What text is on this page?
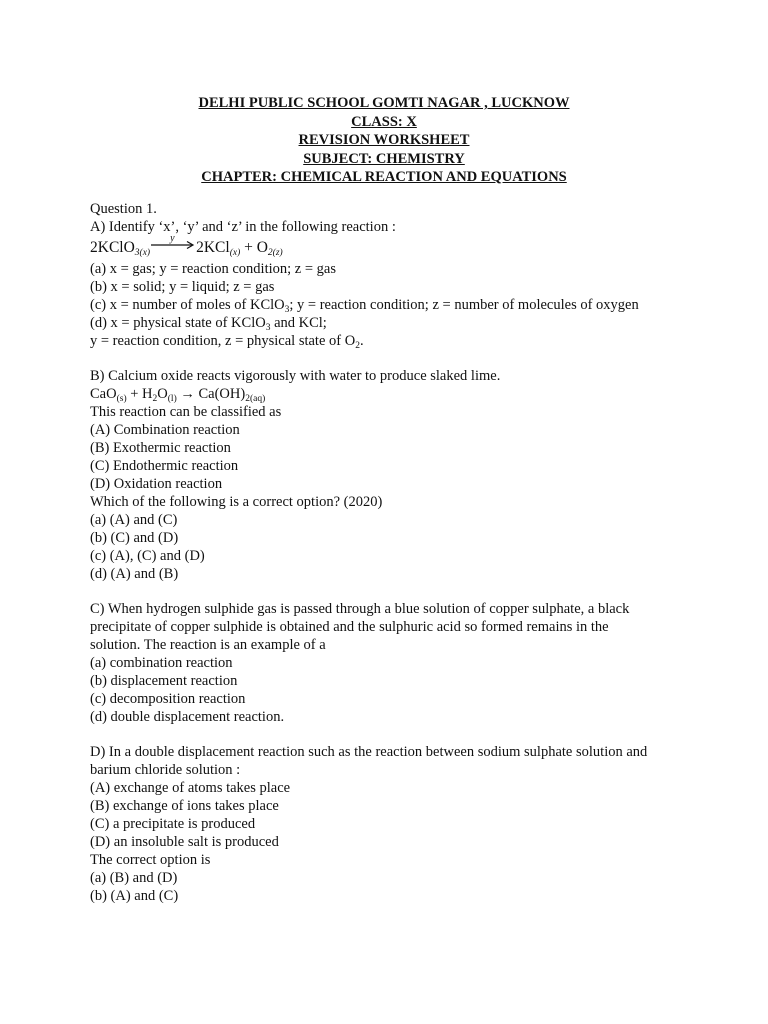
DELHI PUBLIC SCHOOL GOMTI NAGAR , LUCKNOW
CLASS: X
REVISION WORKSHEET
SUBJECT: CHEMISTRY
CHAPTER: CHEMICAL REACTION AND EQUATIONS
Question 1.
A) Identify ‘x’, ‘y’ and ‘z’ in the following reaction :
2KClO$_{3(x)}$
y
$2KCl_{(x)} + O_{2(z)}$
(a) x = gas; y = reaction condition; z = gas
(b) x = solid; y = liquid; z = gas
(c) x = number of moles of KClO$_3$; y = reaction condition; z = number of molecules of oxygen
(d) x = physical state of KClO$_3$ and KCl;
y = reaction condition, z = physical state of $O_2$.
B) Calcium oxide reacts vigorously with water to produce slaked lime.
$CaO_{(s)} + H_2O_{(l)} \to Ca(OH)_{2(aq)}$
This reaction can be classified as
(A) Combination reaction
(B) Exothermic reaction
(C) Endothermic reaction
(D) Oxidation reaction
Which of the following is a correct option? (2020)
(a) (A) and (C)
(b) (C) and (D)
(c) (A), (C) and (D)
(d) (A) and (B)
C) When hydrogen sulphide gas is passed through a blue solution of copper sulphate, a black
precipitate of copper sulphide is obtained and the sulphuric acid so formed remains in the
solution. The reaction is an example of a
(a) combination reaction
(b) displacement reaction
(c) decomposition reaction
(d) double displacement reaction.
D) In a double displacement reaction such as the reaction between sodium sulphate solution and
barium chloride solution :
(A) exchange of atoms takes place
(B) exchange of ions takes place
(C) a precipitate is produced
(D) an insoluble salt is produced
The correct option is
(a) (B) and (D)
(b) (A) and (C)
